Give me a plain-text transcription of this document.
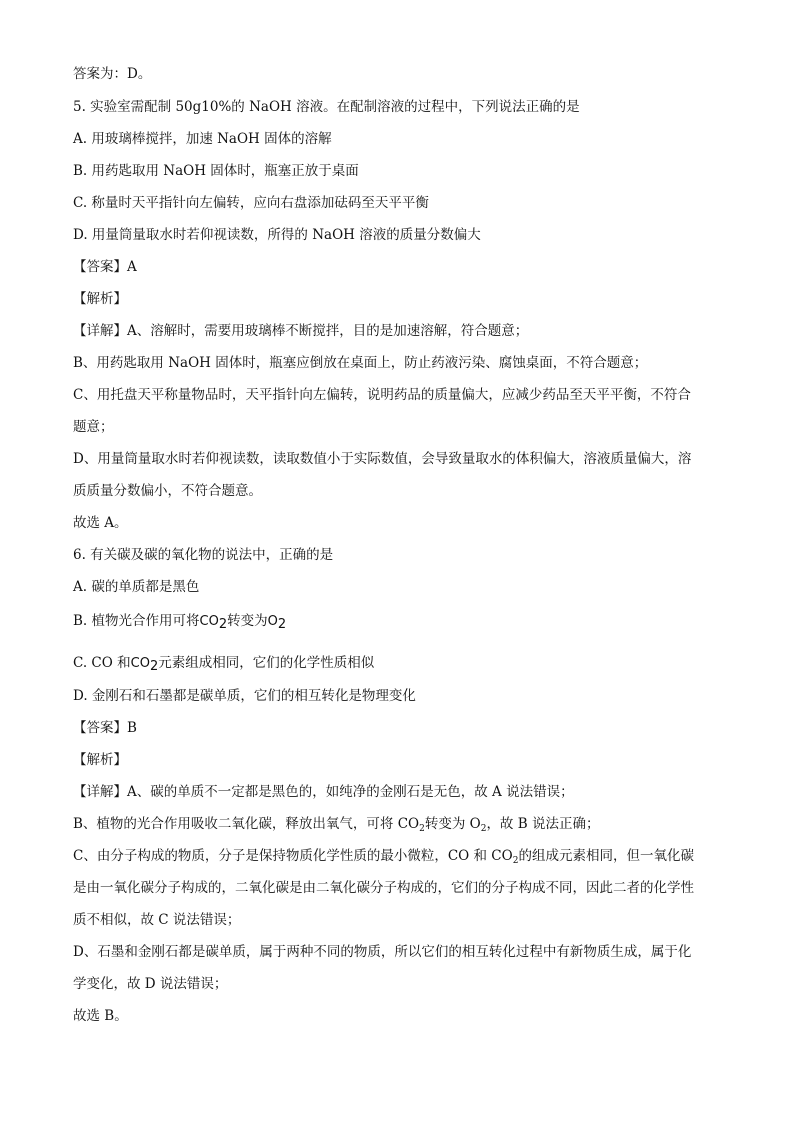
答案为：D。
5. 实验室需配制 50g10%的 NaOH 溶液。在配制溶液的过程中，下列说法正确的是
A. 用玻璃棒搅拌，加速 NaOH 固体的溶解
B. 用药匙取用 NaOH 固体时，瓶塞正放于桌面
C. 称量时天平指针向左偏转，应向右盘添加砝码至天平平衡
D. 用量筒量取水时若仰视读数，所得的 NaOH 溶液的质量分数偏大
【答案】A
【解析】
【详解】A、溶解时，需要用玻璃棒不断搅拌，目的是加速溶解，符合题意；
B、用药匙取用 NaOH 固体时，瓶塞应倒放在桌面上，防止药液污染、腐蚀桌面，不符合题意；
C、用托盘天平称量物品时，天平指针向左偏转，说明药品的质量偏大，应减少药品至天平平衡，不符合
题意；
D、用量筒量取水时若仰视读数，读取数值小于实际数值，会导致量取水的体积偏大，溶液质量偏大，溶
质质量分数偏小，不符合题意。
故选 A。
6. 有关碳及碳的氧化物的说法中，正确的是
A. 碳的单质都是黑色
B. 植物光合作用可将CO2转变为O2
C. CO 和CO2元素组成相同，它们的化学性质相似
D. 金刚石和石墨都是碳单质，它们的相互转化是物理变化
【答案】B
【解析】
【详解】A、碳的单质不一定都是黑色的，如纯净的金刚石是无色，故 A 说法错误；
B、植物的光合作用吸收二氧化碳，释放出氧气，可将 $CO_2$转变为 $O_2$，故 B 说法正确；
C、由分子构成的物质，分子是保持物质化学性质的最小微粒，CO 和 $CO_2$的组成元素相同，但一氧化碳
是由一氧化碳分子构成的，二氧化碳是由二氧化碳分子构成的，它们的分子构成不同，因此二者的化学性
质不相似，故 C 说法错误；
D、石墨和金刚石都是碳单质，属于两种不同的物质，所以它们的相互转化过程中有新物质生成，属于化
学变化，故 D 说法错误；
故选 B。
